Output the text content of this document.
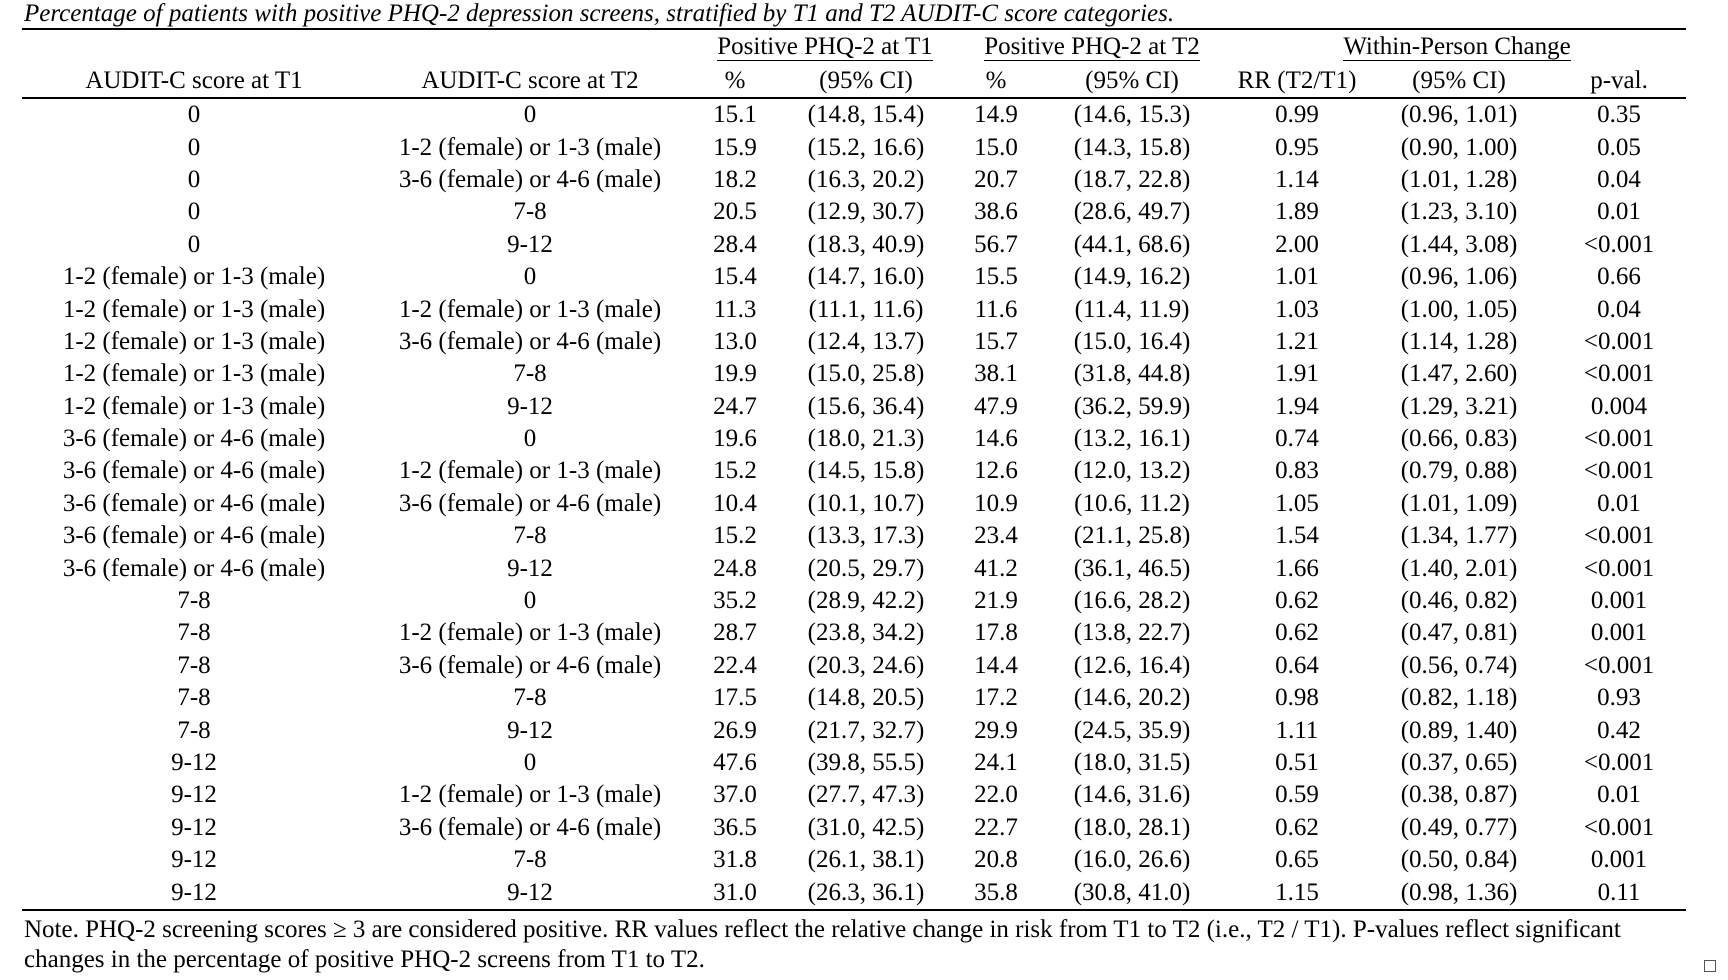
Percentage of patients with positive PHQ-2 depression screens, stratified by T1 and T2 AUDIT-C score categories.

		Positive PHQ-2 at T1		Positive PHQ-2 at T2		Within-Person Change		
AUDIT-C score at T1	AUDIT-C score at T2	%	(95% CI)	%	(95% CI)	RR (T2/T1)	(95% CI)	p-val.
0	0	15.1	(14.8, 15.4)	14.9	(14.6, 15.3)	0.99	(0.96, 1.01)	0.35
0	1-2 (female) or 1-3 (male)	15.9	(15.2, 16.6)	15.0	(14.3, 15.8)	0.95	(0.90, 1.00)	0.05
0	3-6 (female) or 4-6 (male)	18.2	(16.3, 20.2)	20.7	(18.7, 22.8)	1.14	(1.01, 1.28)	0.04
0	7-8	20.5	(12.9, 30.7)	38.6	(28.6, 49.7)	1.89	(1.23, 3.10)	0.01
0	9-12	28.4	(18.3, 40.9)	56.7	(44.1, 68.6)	2.00	(1.44, 3.08)	<0.001
1-2 (female) or 1-3 (male)	0	15.4	(14.7, 16.0)	15.5	(14.9, 16.2)	1.01	(0.96, 1.06)	0.66
1-2 (female) or 1-3 (male)	1-2 (female) or 1-3 (male)	11.3	(11.1, 11.6)	11.6	(11.4, 11.9)	1.03	(1.00, 1.05)	0.04
1-2 (female) or 1-3 (male)	3-6 (female) or 4-6 (male)	13.0	(12.4, 13.7)	15.7	(15.0, 16.4)	1.21	(1.14, 1.28)	<0.001
1-2 (female) or 1-3 (male)	7-8	19.9	(15.0, 25.8)	38.1	(31.8, 44.8)	1.91	(1.47, 2.60)	<0.001
1-2 (female) or 1-3 (male)	9-12	24.7	(15.6, 36.4)	47.9	(36.2, 59.9)	1.94	(1.29, 3.21)	0.004
3-6 (female) or 4-6 (male)	0	19.6	(18.0, 21.3)	14.6	(13.2, 16.1)	0.74	(0.66, 0.83)	<0.001
3-6 (female) or 4-6 (male)	1-2 (female) or 1-3 (male)	15.2	(14.5, 15.8)	12.6	(12.0, 13.2)	0.83	(0.79, 0.88)	<0.001
3-6 (female) or 4-6 (male)	3-6 (female) or 4-6 (male)	10.4	(10.1, 10.7)	10.9	(10.6, 11.2)	1.05	(1.01, 1.09)	0.01
3-6 (female) or 4-6 (male)	7-8	15.2	(13.3, 17.3)	23.4	(21.1, 25.8)	1.54	(1.34, 1.77)	<0.001
3-6 (female) or 4-6 (male)	9-12	24.8	(20.5, 29.7)	41.2	(36.1, 46.5)	1.66	(1.40, 2.01)	<0.001
7-8	0	35.2	(28.9, 42.2)	21.9	(16.6, 28.2)	0.62	(0.46, 0.82)	0.001
7-8	1-2 (female) or 1-3 (male)	28.7	(23.8, 34.2)	17.8	(13.8, 22.7)	0.62	(0.47, 0.81)	0.001
7-8	3-6 (female) or 4-6 (male)	22.4	(20.3, 24.6)	14.4	(12.6, 16.4)	0.64	(0.56, 0.74)	<0.001
7-8	7-8	17.5	(14.8, 20.5)	17.2	(14.6, 20.2)	0.98	(0.82, 1.18)	0.93
7-8	9-12	26.9	(21.7, 32.7)	29.9	(24.5, 35.9)	1.11	(0.89, 1.40)	0.42
9-12	0	47.6	(39.8, 55.5)	24.1	(18.0, 31.5)	0.51	(0.37, 0.65)	<0.001
9-12	1-2 (female) or 1-3 (male)	37.0	(27.7, 47.3)	22.0	(14.6, 31.6)	0.59	(0.38, 0.87)	0.01
9-12	3-6 (female) or 4-6 (male)	36.5	(31.0, 42.5)	22.7	(18.0, 28.1)	0.62	(0.49, 0.77)	<0.001
9-12	7-8	31.8	(26.1, 38.1)	20.8	(16.0, 26.6)	0.65	(0.50, 0.84)	0.001
9-12	9-12	31.0	(26.3, 36.1)	35.8	(30.8, 41.0)	1.15	(0.98, 1.36)	0.11

Note. PHQ-2 screening scores ≥ 3 are considered positive. RR values reflect the relative change in risk from T1 to T2 (i.e., T2 / T1). P-values reflect significant changes in the percentage of positive PHQ-2 screens from T1 to T2.
